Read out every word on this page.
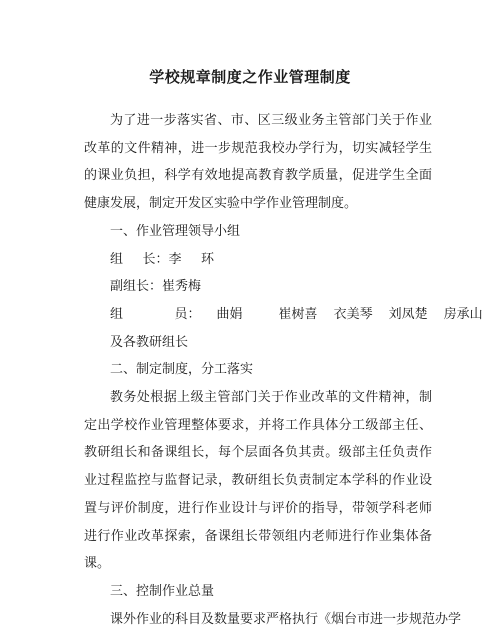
学校规章制度之作业管理制度

为了进一步落实省、市、区三级业务主管部门关于作业改革的文件精神，进一步规范我校办学行为，切实减轻学生的课业负担，科学有效地提高教育教学质量，促进学生全面健康发展，制定开发区实验中学作业管理制度。

一、作业管理领导小组

组 长：李 环

副组长：崔秀梅

组	员： 曲娟	崔树喜 衣美琴 刘凤楚 房承山

及各教研组长

二、制定制度，分工落实

教务处根据上级主管部门关于作业改革的文件精神，制定出学校作业管理整体要求，并将工作具体分工级部主任、教研组长和备课组长，每个层面各负其责。级部主任负责作业过程监控与监督记录，教研组长负责制定本学科的作业设置与评价制度，进行作业设计与评价的指导，带领学科老师进行作业改革探索，备课组长带领组内老师进行作业集体备课。

三、控制作业总量

课外作业的科目及数量要求严格执行《烟台市进一步规范办学
